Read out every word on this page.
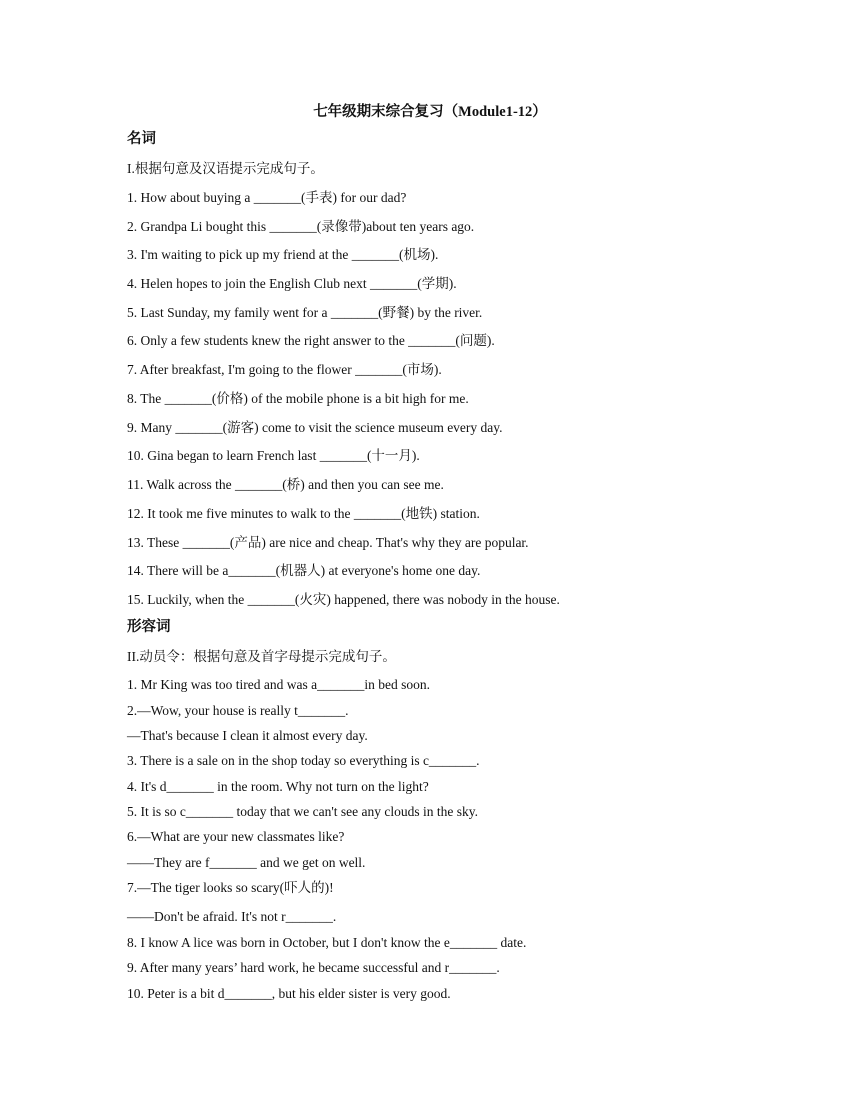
七年级期末综合复习（Module1-12）
名词
I.根据句意及汉语提示完成句子。
1. How about buying a _______(手表) for our dad?
2. Grandpa Li bought this _______(录像带)about ten years ago.
3. I'm waiting to pick up my friend at the _______(机场).
4. Helen hopes to join the English Club next _______(学期).
5. Last Sunday, my family went for a _______(野餐) by the river.
6. Only a few students knew the right answer to the _______(问题).
7. After breakfast, I'm going to the flower _______(市场).
8. The _______(价格) of the mobile phone is a bit high for me.
9. Many _______(游客) come to visit the science museum every day.
10. Gina began to learn French last _______(十一月).
11. Walk across the _______(桥) and then you can see me.
12. It took me five minutes to walk to the _______(地铁) station.
13. These _______(产品) are nice and cheap. That's why they are popular.
14. There will be a_______(机器人) at everyone's home one day.
15. Luckily, when the _______(火灾) happened, there was nobody in the house.
形容词
II.动员令：根据句意及首字母提示完成句子。
1. Mr King was too tired and was a_______in bed soon.
2.—Wow, your house is really t_______.
—That's because I clean it almost every day.
3. There is a sale on in the shop today so everything is c_______.
4. It's d_______ in the room. Why not turn on the light?
5. It is so c_______ today that we can't see any clouds in the sky.
6.—What are your new classmates like?
——They are f_______ and we get on well.
7.—The tiger looks so scary(吓人的)!
——Don't be afraid. It's not r_______.
8. I know A lice was born in October, but I don't know the e_______ date.
9. After many years’ hard work, he became successful and r_______.
10. Peter is a bit d_______, but his elder sister is very good.
